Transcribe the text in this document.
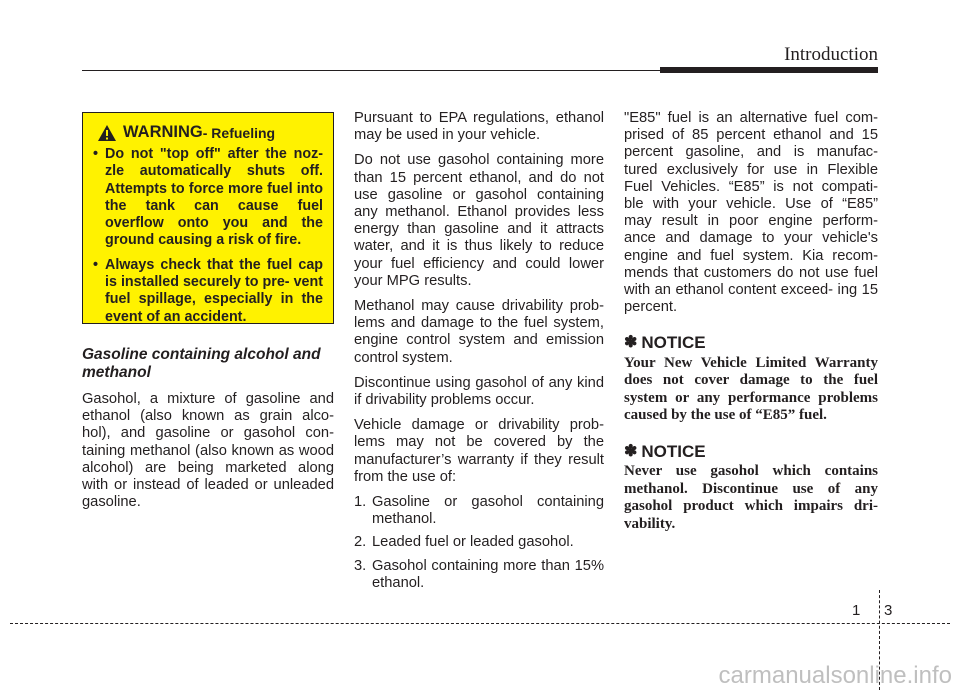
Introduction
WARNING - Refueling
• Do not "top off" after the noz- zle automatically shuts off. Attempts to force more fuel into the tank can cause fuel overflow onto you and the ground causing a risk of fire.
• Always check that the fuel cap is installed securely to pre- vent fuel spillage, especially in the event of an accident.
Gasoline containing alcohol and methanol

Gasohol, a mixture of gasoline and ethanol (also known as grain alco- hol), and gasoline or gasohol con- taining methanol (also known as wood alcohol) are being marketed along with or instead of leaded or unleaded gasoline.

Pursuant to EPA regulations, ethanol may be used in your vehicle.

Do not use gasohol containing more than 15 percent ethanol, and do not use gasoline or gasohol containing any methanol. Ethanol provides less energy than gasoline and it attracts water, and it is thus likely to reduce your fuel efficiency and could lower your MPG results.

Methanol may cause drivability prob- lems and damage to the fuel system, engine control system and emission control system.

Discontinue using gasohol of any kind if drivability problems occur.

Vehicle damage or drivability prob- lems may not be covered by the manufacturer’s warranty if they result from the use of:

1. Gasoline or gasohol containing methanol.
2. Leaded fuel or leaded gasohol.
3. Gasohol containing more than 15% ethanol.

"E85" fuel is an alternative fuel com- prised of 85 percent ethanol and 15 percent gasoline, and is manufac- tured exclusively for use in Flexible Fuel Vehicles. “E85” is not compati- ble with your vehicle. Use of “E85” may result in poor engine perform- ance and damage to your vehicle's engine and fuel system. Kia recom- mends that customers do not use fuel with an ethanol content exceed- ing 15 percent.

✽ NOTICE
Your New Vehicle Limited Warranty does not cover damage to the fuel system or any performance problems caused by the use of “E85” fuel.
✽ NOTICE
Never use gasohol which contains methanol. Discontinue use of any gasohol product which impairs dri- vability.
1 3
carmanualsonline.info
